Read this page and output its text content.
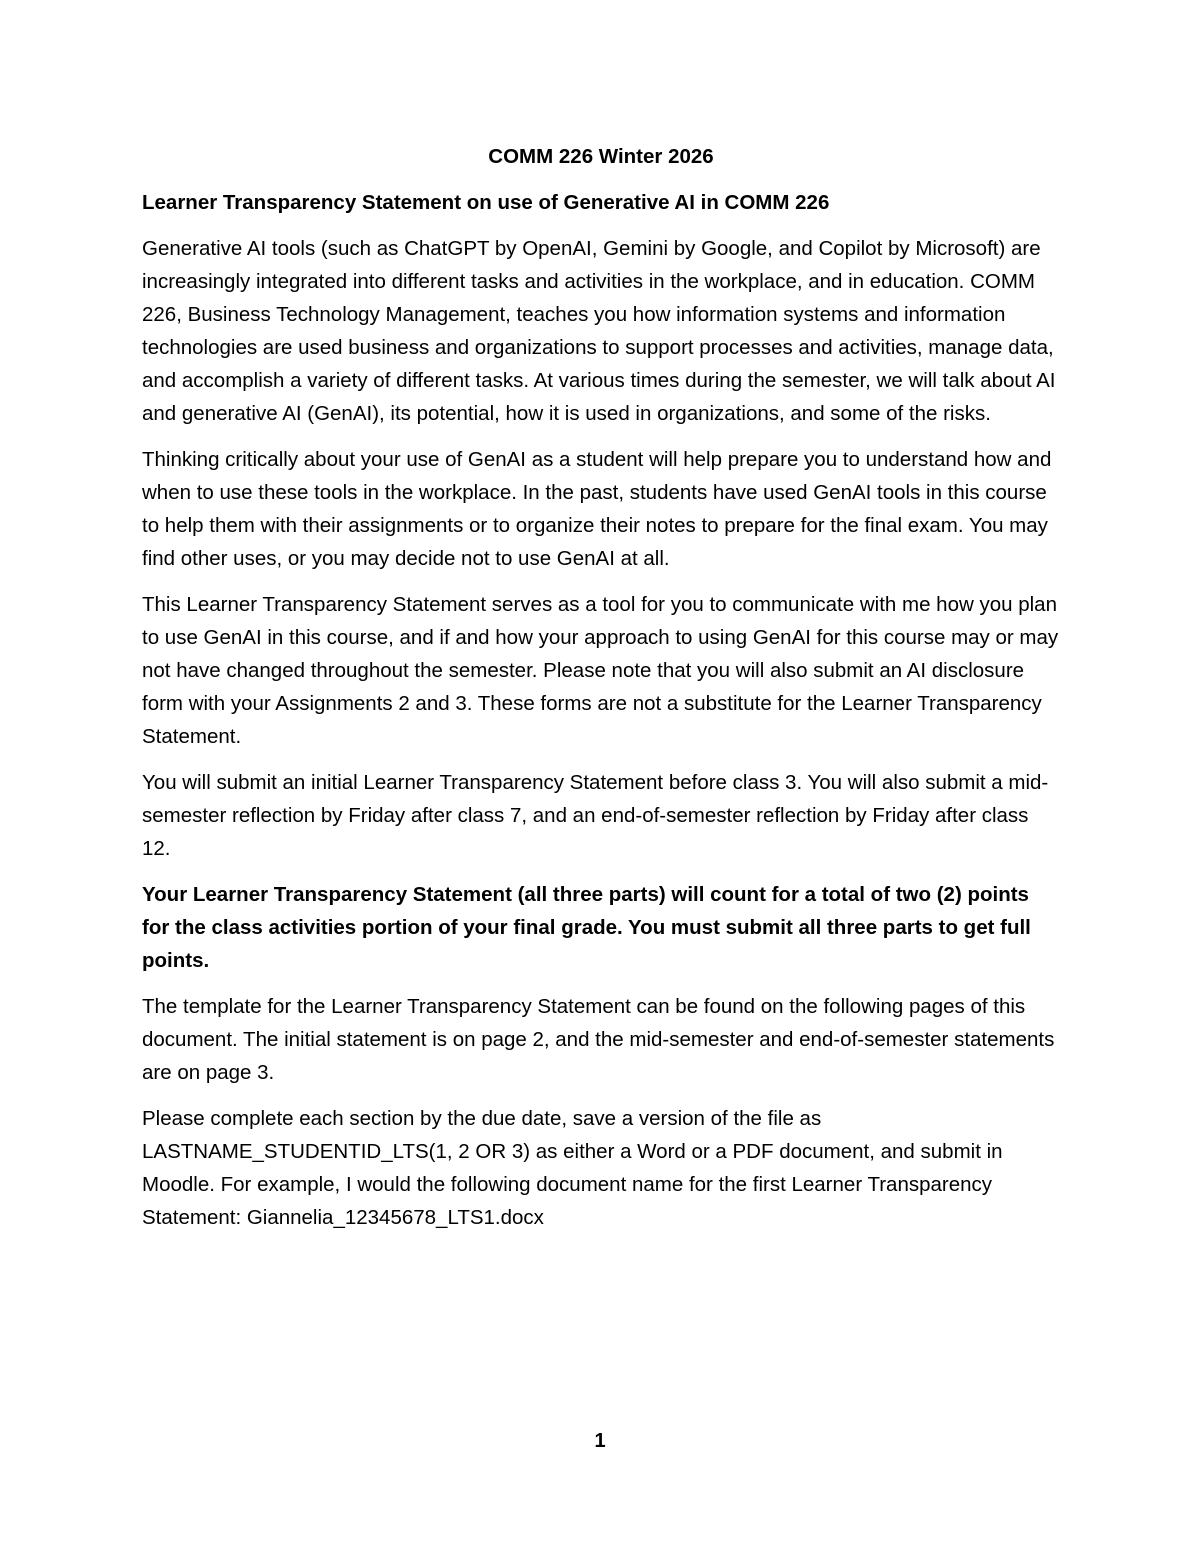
COMM 226 Winter 2026

Learner Transparency Statement on use of Generative AI in COMM 226

Generative AI tools (such as ChatGPT by OpenAI, Gemini by Google, and Copilot by Microsoft) are increasingly integrated into different tasks and activities in the workplace, and in education. COMM 226, Business Technology Management, teaches you how information systems and information technologies are used business and organizations to support processes and activities, manage data, and accomplish a variety of different tasks. At various times during the semester, we will talk about AI and generative AI (GenAI), its potential, how it is used in organizations, and some of the risks.

Thinking critically about your use of GenAI as a student will help prepare you to understand how and when to use these tools in the workplace. In the past, students have used GenAI tools in this course to help them with their assignments or to organize their notes to prepare for the final exam. You may find other uses, or you may decide not to use GenAI at all.

This Learner Transparency Statement serves as a tool for you to communicate with me how you plan to use GenAI in this course, and if and how your approach to using GenAI for this course may or may not have changed throughout the semester. Please note that you will also submit an AI disclosure form with your Assignments 2 and 3. These forms are not a substitute for the Learner Transparency Statement.

You will submit an initial Learner Transparency Statement before class 3. You will also submit a mid-semester reflection by Friday after class 7, and an end-of-semester reflection by Friday after class 12.

Your Learner Transparency Statement (all three parts) will count for a total of two (2) points for the class activities portion of your final grade. You must submit all three parts to get full points.

The template for the Learner Transparency Statement can be found on the following pages of this document. The initial statement is on page 2, and the mid-semester and end-of-semester statements are on page 3.

Please complete each section by the due date, save a version of the file as LASTNAME_STUDENTID_LTS(1, 2 OR 3) as either a Word or a PDF document, and submit in Moodle. For example, I would the following document name for the first Learner Transparency Statement: Giannelia_12345678_LTS1.docx

1
